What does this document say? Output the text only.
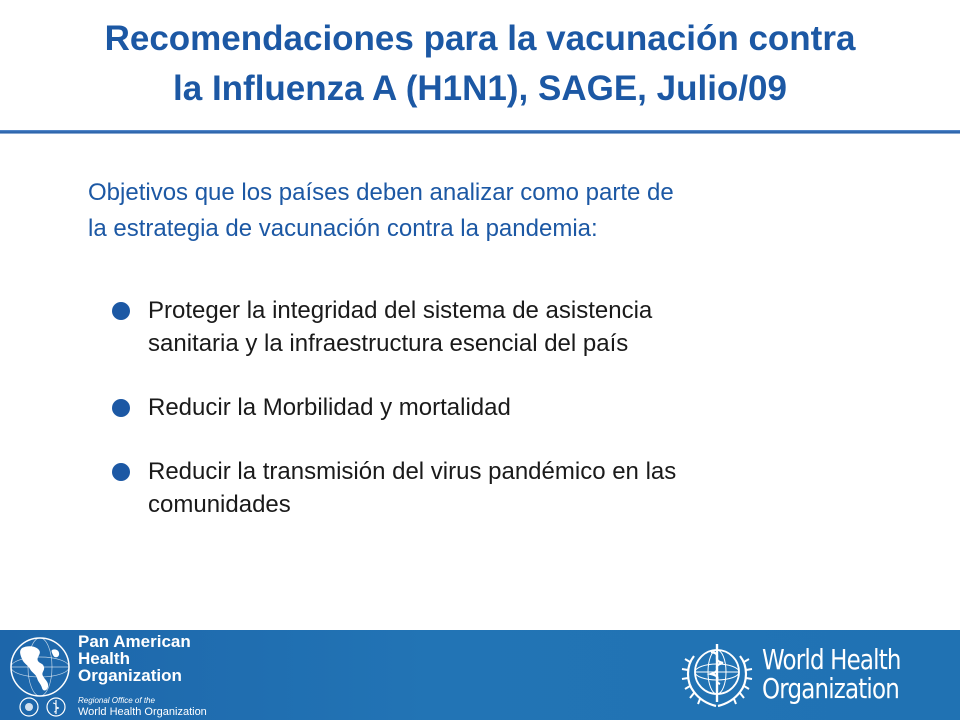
Recomendaciones para la vacunación contra
la Influenza A (H1N1), SAGE, Julio/09
Objetivos que los países deben analizar como parte de
la estrategia de vacunación contra la pandemia:
Proteger la integridad del sistema de asistencia
sanitaria y la infraestructura esencial del país
Reducir la Morbilidad y mortalidad
Reducir la transmisión del virus pandémico en las
comunidades
Pan American
Health
Organization
Regional Office of the
World Health Organization
World Health
Organization
